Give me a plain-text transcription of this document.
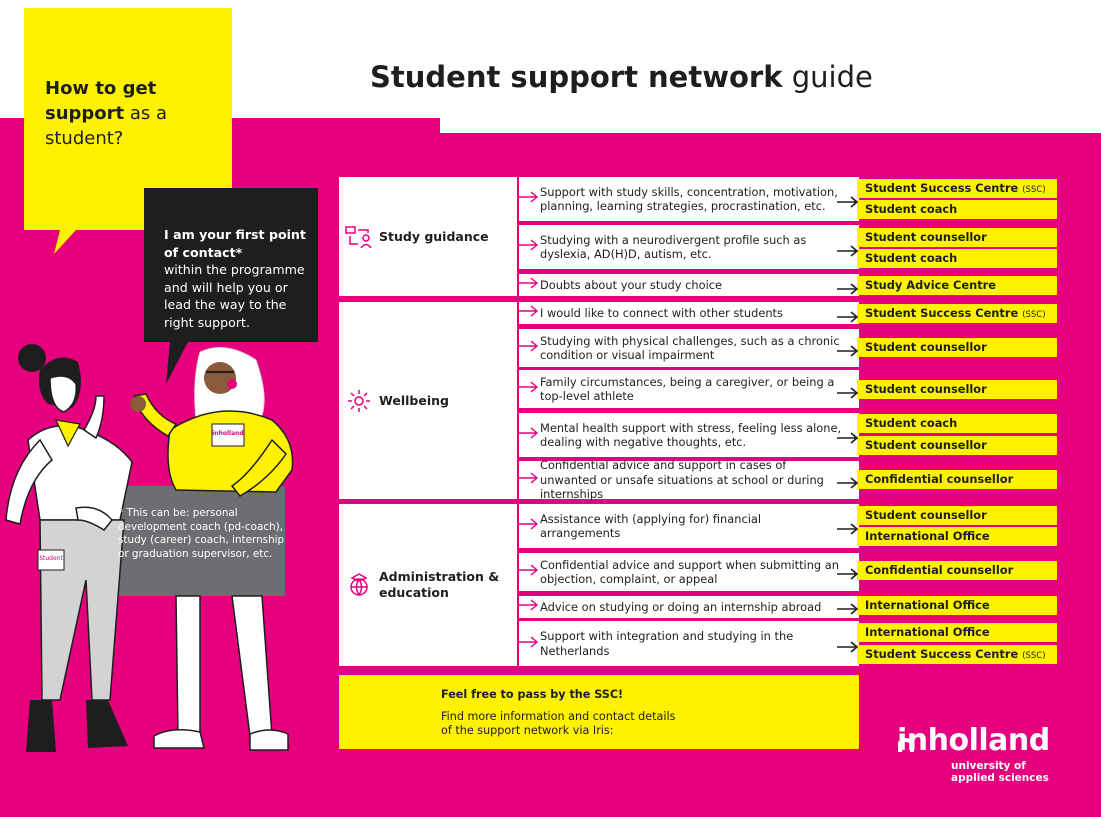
How to get
support as a
student?
Student support network guide
I am your first point of contact*
within the programme and will help you or lead the way to the right support.
* This can be: personal development coach (pd-coach), study (career) coach, internship or graduation supervisor, etc.
Student
inholland
Study guidance
Wellbeing
Administration & education
Support with study skills, concentration, motivation, planning, learning strategies, procrastination, etc.
Studying with a neurodivergent profile such as dyslexia, AD(H)D, autism, etc.
Doubts about your study choice
I would like to connect with other students
Studying with physical challenges, such as a chronic condition or visual impairment
Family circumstances, being a caregiver, or being a top-level athlete
Mental health support with stress, feeling less alone, dealing with negative thoughts, etc.
Confidential advice and support in cases of unwanted or unsafe situations at school or during internships
Assistance with (applying for) financial arrangements
Confidential advice and support when submitting an objection, complaint, or appeal
Advice on studying or doing an internship abroad
Support with integration and studying in the Netherlands
Student Success Centre (SSC)
Student coach
Student counsellor
Student coach
Study Advice Centre
Student Success Centre (SSC)
Student counsellor
Student counsellor
Student coach
Student counsellor
Confidential counsellor
Student counsellor
International Office
Confidential counsellor
International Office
International Office
Student Success Centre (SSC)
Feel free to pass by the SSC!
Find more information and contact details of the support network via Iris:	inholland
university of
applied sciences
